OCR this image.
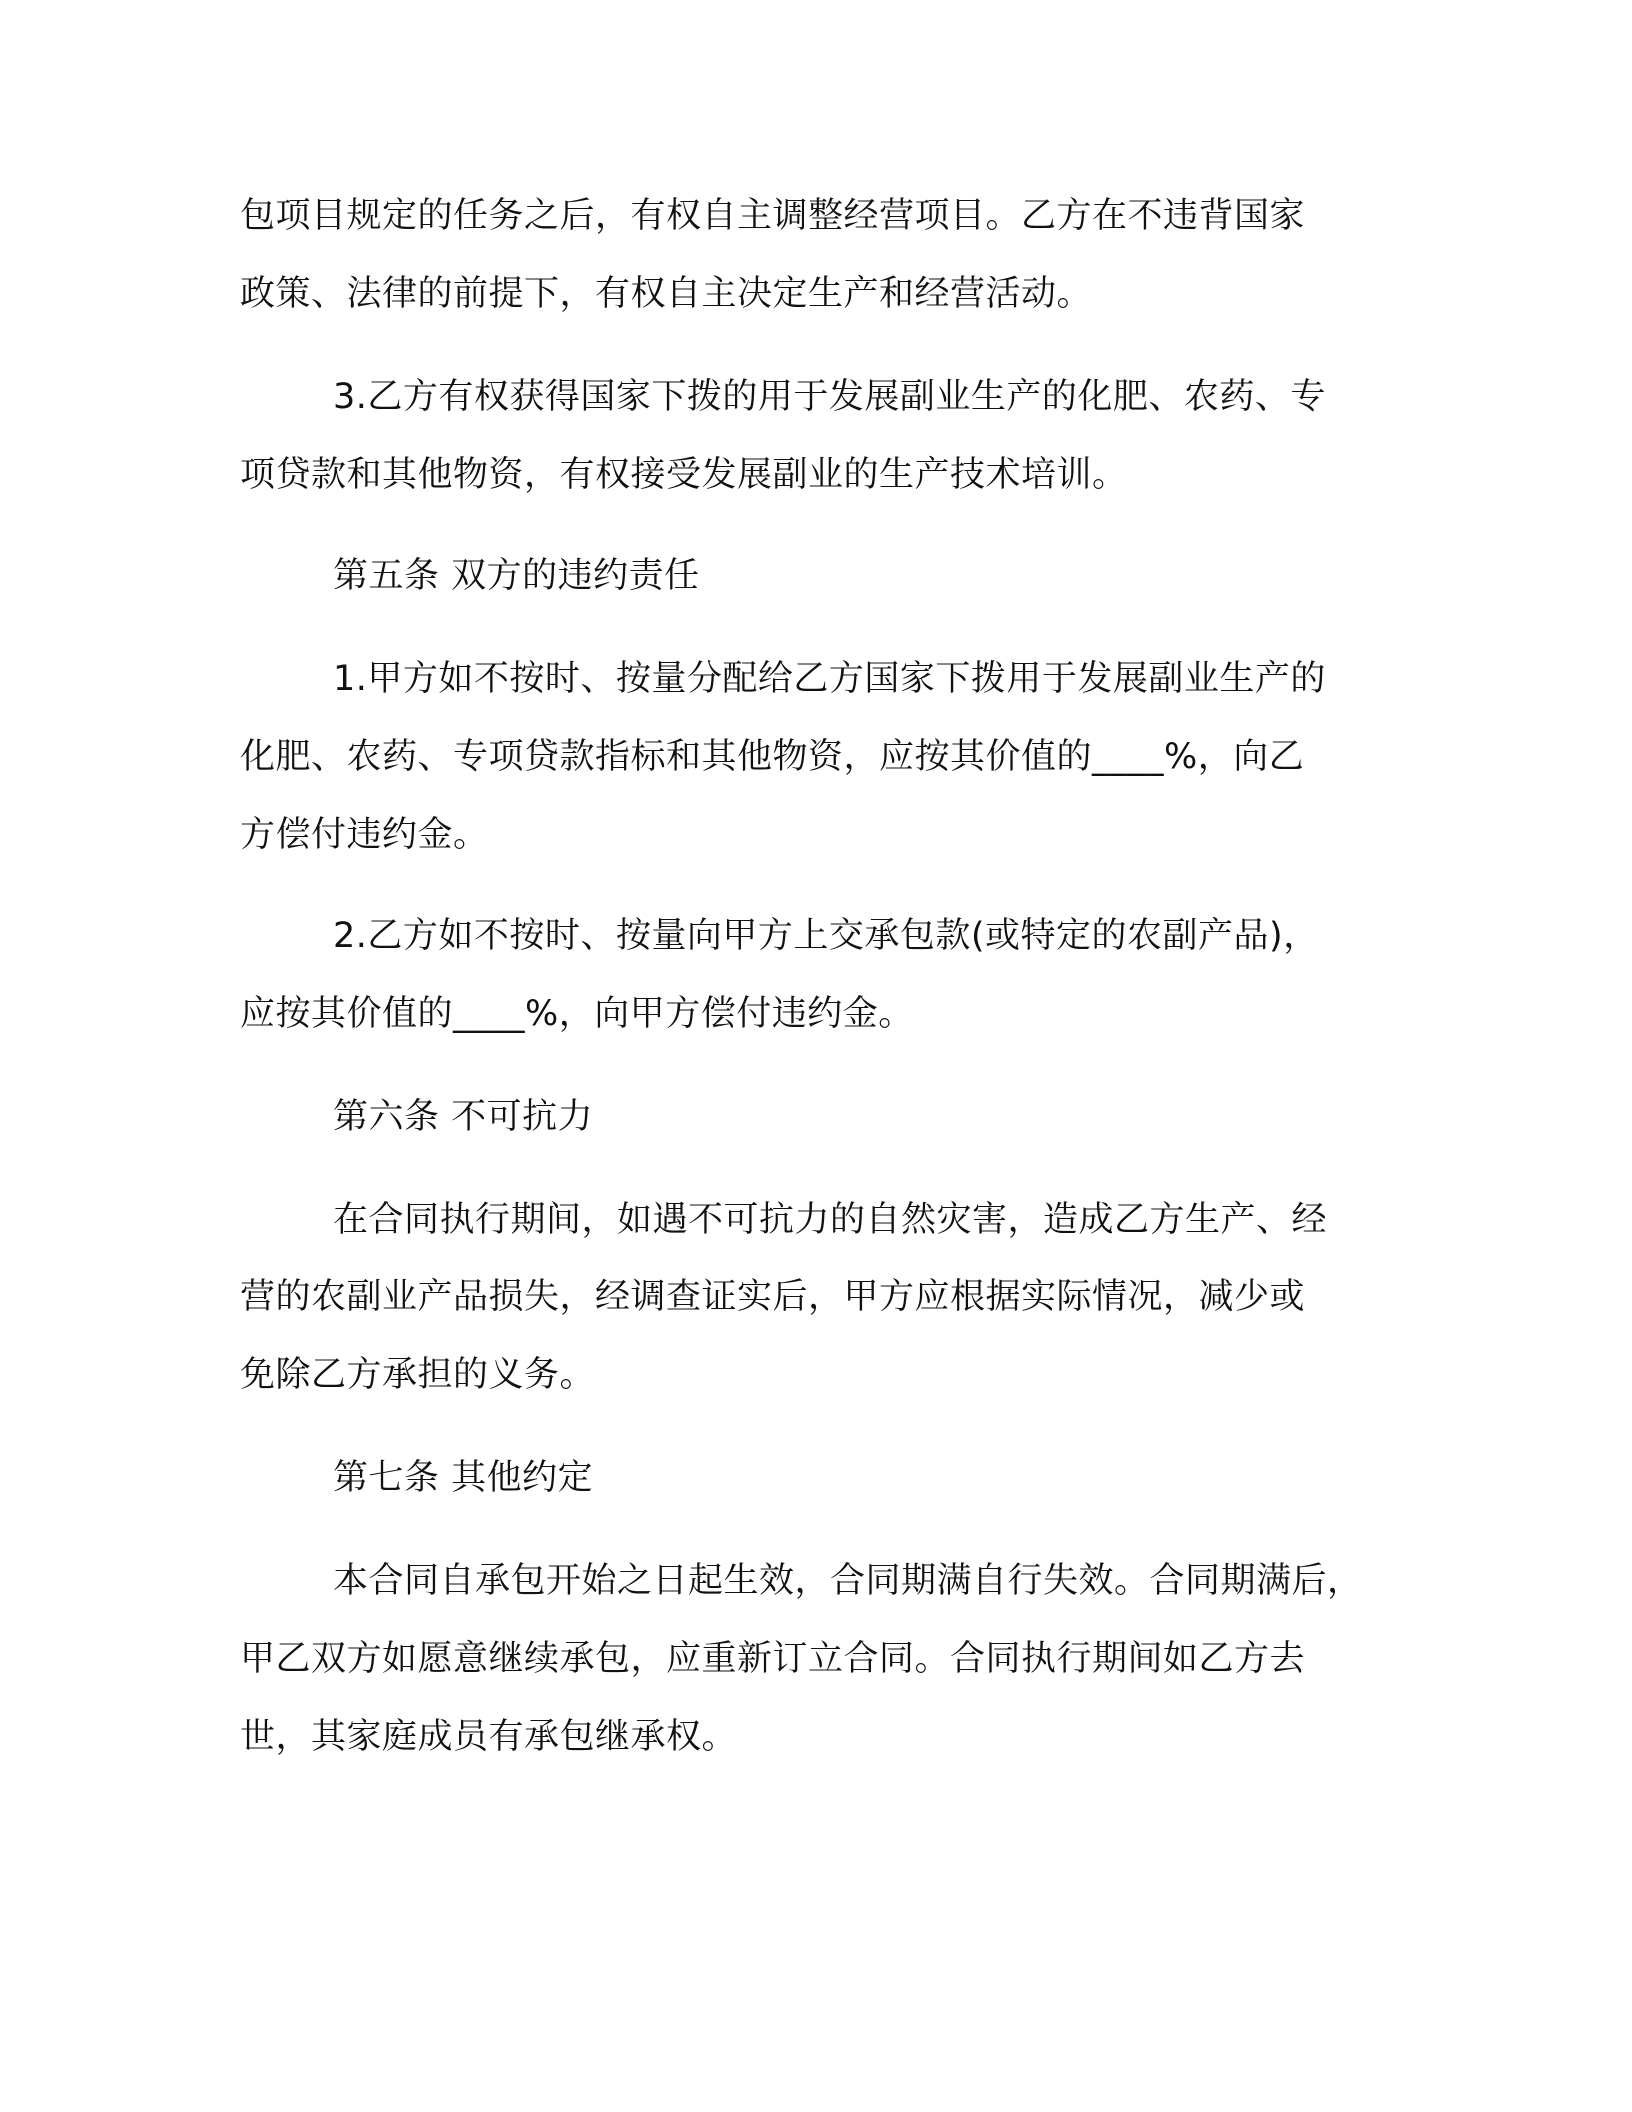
包项目规定的任务之后，有权自主调整经营项目。乙方在不违背国家

政策、法律的前提下，有权自主决定生产和经营活动。

3.乙方有权获得国家下拨的用于发展副业生产的化肥、农药、专

项贷款和其他物资，有权接受发展副业的生产技术培训。

第五条 双方的违约责任

1.甲方如不按时、按量分配给乙方国家下拨用于发展副业生产的

化肥、农药、专项贷款指标和其他物资，应按其价值的____%，向乙

方偿付违约金。

2.乙方如不按时、按量向甲方上交承包款(或特定的农副产品)，

应按其价值的____%，向甲方偿付违约金。

第六条 不可抗力

在合同执行期间，如遇不可抗力的自然灾害，造成乙方生产、经

营的农副业产品损失，经调查证实后，甲方应根据实际情况，减少或

免除乙方承担的义务。

第七条 其他约定

本合同自承包开始之日起生效，合同期满自行失效。合同期满后，

甲乙双方如愿意继续承包，应重新订立合同。合同执行期间如乙方去

世，其家庭成员有承包继承权。
